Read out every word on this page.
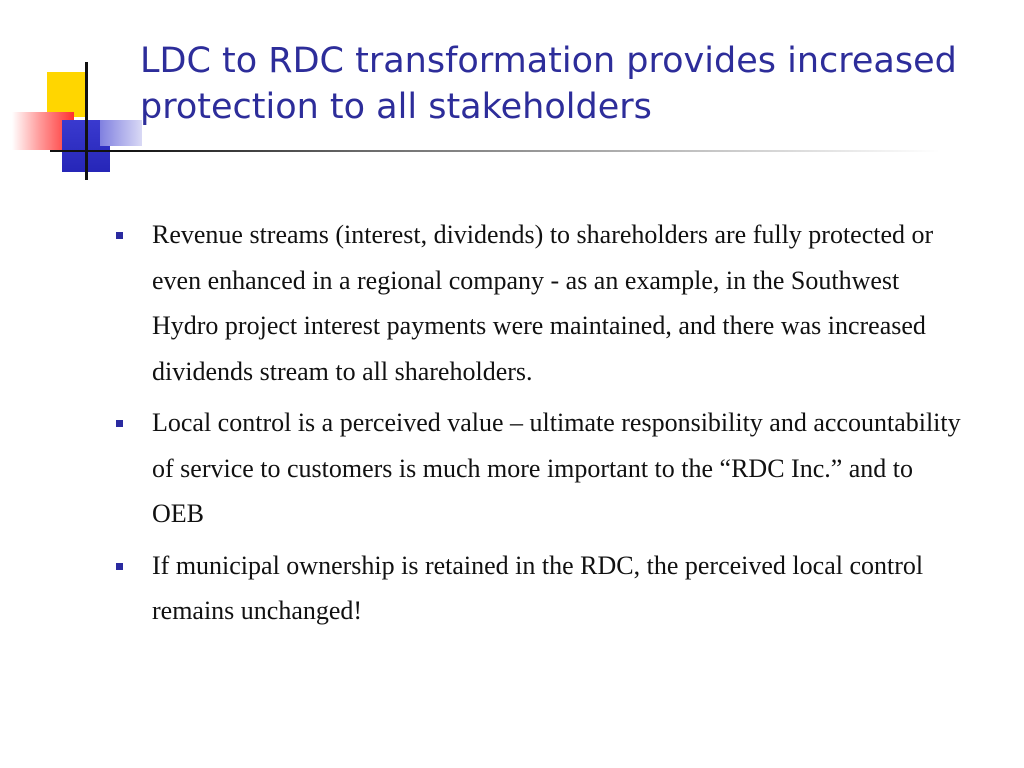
LDC to RDC transformation provides increased protection to all stakeholders
Revenue streams (interest, dividends) to shareholders are fully protected or even enhanced in a regional company - as an example, in the Southwest Hydro project interest payments were maintained, and there was increased dividends stream to all shareholders.
Local control is a perceived value – ultimate responsibility and accountability of service to customers is much more important to the “RDC Inc.” and to OEB
If municipal ownership is retained in the RDC, the perceived local control remains unchanged!
